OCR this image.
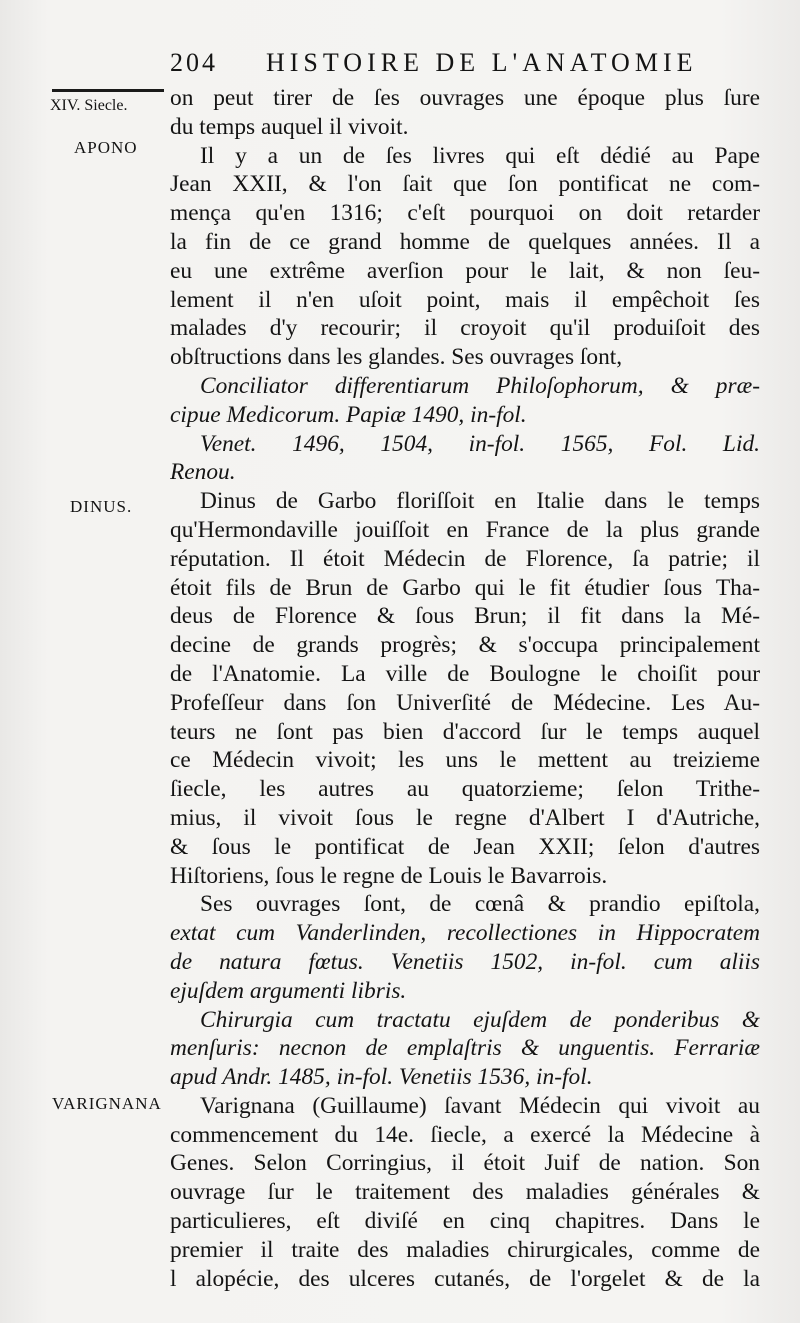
204 HISTOIRE DE L'ANATOMIE
XIV. Siecle.
APONO
DINUS.
VARIGNANA
on peut tirer de ſes ouvrages une époque plus ſure
du temps auquel il vivoit.
Il y a un de ſes livres qui eſt dédié au Pape
Jean XXII, & l'on ſait que ſon pontificat ne com-
mença qu'en 1316; c'eſt pourquoi on doit retarder
la fin de ce grand homme de quelques années. Il a
eu une extrême averſion pour le lait, & non ſeu-
lement il n'en uſoit point, mais il empêchoit ſes
malades d'y recourir; il croyoit qu'il produiſoit des
obſtructions dans les glandes. Ses ouvrages ſont,
Conciliator differentiarum Philoſophorum, & præ-
cipue Medicorum. Papiæ 1490, in-fol.
Venet. 1496, 1504, in-fol. 1565, Fol. Lid.
Renou.
Dinus de Garbo floriſſoit en Italie dans le temps
qu'Hermondaville jouiſſoit en France de la plus grande
réputation. Il étoit Médecin de Florence, ſa patrie; il
étoit fils de Brun de Garbo qui le fit étudier ſous Tha-
deus de Florence & ſous Brun; il fit dans la Mé-
decine de grands progrès; & s'occupa principalement
de l'Anatomie. La ville de Boulogne le choiſit pour
Profeſſeur dans ſon Univerſité de Médecine. Les Au-
teurs ne ſont pas bien d'accord ſur le temps auquel
ce Médecin vivoit; les uns le mettent au treizieme
ſiecle, les autres au quatorzieme; ſelon Trithe-
mius, il vivoit ſous le regne d'Albert I d'Autriche,
& ſous le pontificat de Jean XXII; ſelon d'autres
Hiſtoriens, ſous le regne de Louis le Bavarrois.
Ses ouvrages ſont, de cœnâ & prandio epiſtola,
extat cum Vanderlinden, recollectiones in Hippocratem
de natura fœtus. Venetiis 1502, in-fol. cum aliis
ejuſdem argumenti libris.
Chirurgia cum tractatu ejuſdem de ponderibus &
menſuris: necnon de emplaſtris & unguentis. Ferrariæ
apud Andr. 1485, in-fol. Venetiis 1536, in-fol.
Varignana (Guillaume) ſavant Médecin qui vivoit au
commencement du 14e. ſiecle, a exercé la Médecine à
Genes. Selon Corringius, il étoit Juif de nation. Son
ouvrage ſur le traitement des maladies générales &
particulieres, eſt diviſé en cinq chapitres. Dans le
premier il traite des maladies chirurgicales, comme de
l alopécie, des ulceres cutanés, de l'orgelet & de la
